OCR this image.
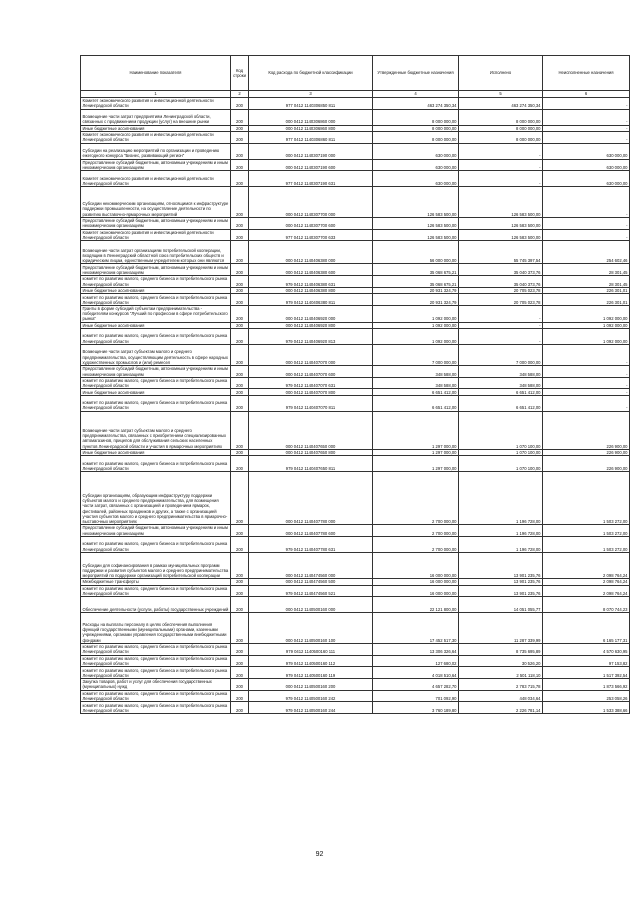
Наименование показателя	Код строки	Код расхода по бюджетной классификации	Утвержденные бюджетные назначения	Исполнено	Неисполненные назначения
1	2	3	4	5	6
Комитет экономического развития и инвестиционной деятельности Ленинградской области	200	977 0412 1140306850 811	463 274 350,34	463 274 350,34	-
Возмещение части затрат предприятиям Ленинградской области, связанных с продвижением продукции (услуг) на внешние рынки	200	000 0412 1140306860 000	8 000 000,00	8 000 000,00	-
Иные бюджетные ассигнования	200	000 0412 1140306860 800	8 000 000,00	8 000 000,00	-
Комитет экономического развития и инвестиционной деятельности Ленинградской области	200	977 0412 1140306860 811	8 000 000,00	8 000 000,00	-
Субсидии на реализацию мероприятий по организации и проведению ежегодного конкурса "Бизнес, развивающий регион"	200	000 0412 1140307190 000	630 000,00	-	630 000,00
Предоставление субсидий бюджетным, автономным учреждениям и иным некоммерческим организациям	200	000 0412 1140307190 600	630 000,00	-	630 000,00
Комитет экономического развития и инвестиционной деятельности Ленинградской области	200	977 0412 1140307190 631	630 000,00	-	630 000,00
Субсидии некоммерческим организациям, относящимся к инфраструктуре поддержки промышленности, на осуществление деятельности по развитию выставочно-ярмарочных мероприятий	200	000 0412 1140307700 000	126 583 500,00	126 583 500,00	-
Предоставление субсидий бюджетным, автономным учреждениям и иным некоммерческим организациям	200	000 0412 1140307700 600	126 583 500,00	126 583 500,00	-
Комитет экономического развития и инвестиционной деятельности Ленинградской области	200	977 0412 1140307700 633	126 583 500,00	126 583 500,00	-
Возмещение части затрат организациям потребительской кооперации, входящим в Ленинградский областной союз потребительских обществ и юридическим лицам, единственным учредителем которых они являются	200	000 0412 1140406380 000	56 000 000,00	55 745 397,54	254 602,46
Предоставление субсидий бюджетным, автономным учреждениям и иным некоммерческим организациям	200	000 0412 1140406380 600	35 068 675,21	35 040 373,76	28 301,45
комитет по развитию малого, среднего бизнеса и потребительского рынка Ленинградской области	200	979 0412 1140406380 631	35 068 675,21	35 040 373,76	28 301,45
Иные бюджетные ассигнования	200	000 0412 1140406380 800	20 931 324,79	20 705 023,78	226 301,01
комитет по развитию малого, среднего бизнеса и потребительского рынка Ленинградской области	200	979 0412 1140406380 811	20 931 324,79	20 705 023,78	226 301,01
Гранты в форме субсидий субъектам предпринимательства - победителям конкурсов "Лучший по профессии в сфере потребительского рынка"	200	000 0412 1140406920 000	1 092 000,00	-	1 092 000,00
Иные бюджетные ассигнования	200	000 0412 1140406920 800	1 092 000,00	-	1 092 000,00
комитет по развитию малого, среднего бизнеса и потребительского рынка Ленинградской области	200	979 0412 1140406920 813	1 092 000,00	-	1 092 000,00
Возмещение части затрат субъектам малого и среднего предпринимательства, осуществляющим деятельность в сфере народных художественных промыслов и (или) ремесел	200	000 0412 1140407070 000	7 000 000,00	7 000 000,00	-
Предоставление субсидий бюджетным, автономным учреждениям и иным некоммерческим организациям	200	000 0412 1140407070 600	348 588,00	348 588,00	-
комитет по развитию малого, среднего бизнеса и потребительского рынка Ленинградской области	200	979 0412 1140407070 631	348 588,00	348 588,00	-
Иные бюджетные ассигнования	200	000 0412 1140407070 800	6 651 412,00	6 651 412,00	-
комитет по развитию малого, среднего бизнеса и потребительского рынка Ленинградской области	200	979 0412 1140407070 811	6 651 412,00	6 651 412,00	-
Возмещение части затрат субъектам малого и среднего предпринимательства, связанных с приобретением специализированных автомагазинов, прицепов для обслуживания сельских населенных пунктов Ленинградской области и участия в ярмарочных мероприятиях	200	000 0412 1140407650 000	1 297 000,00	1 070 100,00	226 900,00
Иные бюджетные ассигнования	200	000 0412 1140407650 800	1 297 000,00	1 070 100,00	226 900,00
комитет по развитию малого, среднего бизнеса и потребительского рынка Ленинградской области	200	979 0412 1140407650 811	1 297 000,00	1 070 100,00	226 900,00
Субсидии организациям, образующим инфраструктуру поддержки субъектов малого и среднего предпринимательства, для возмещения части затрат, связанных с организацией и проведением ярмарок, фестивалей, районных праздников и других, а также с организацией участия субъектов малого и среднего предпринимательства в ярмарочно-выставочных мероприятиях	200	000 0412 1140407780 000	2 700 000,00	1 196 728,00	1 503 272,00
Предоставление субсидий бюджетным, автономным учреждениям и иным некоммерческим организациям	200	000 0412 1140407780 600	2 700 000,00	1 196 728,00	1 503 272,00
комитет по развитию малого, среднего бизнеса и потребительского рынка Ленинградской области	200	979 0412 1140407780 631	2 700 000,00	1 196 728,00	1 503 272,00
Субсидии для софинансирования в рамках муниципальных программ поддержки и развития субъектов малого и среднего предпринимательства мероприятий по поддержке организаций потребительской кооперации	200	000 0412 1140474560 000	16 000 000,00	13 901 235,76	2 098 764,24
Межбюджетные трансферты	200	000 0412 1140474560 500	16 000 000,00	13 901 235,76	2 098 764,24
комитет по развитию малого, среднего бизнеса и потребительского рынка Ленинградской области	200	979 0412 1140474560 521	16 000 000,00	13 901 235,76	2 098 764,24
Обеспечение деятельности (услуги, работы) государственных учреждений	200	000 0412 1140500160 000	22 121 800,00	14 051 055,77	8 070 744,23
Расходы на выплаты персоналу в целях обеспечения выполнения функций государственными (муниципальными) органами, казенными учреждениями, органами управления государственными внебюджетными фондами	200	000 0412 1140500160 100	17 452 517,30	11 287 339,99	6 165 177,31
комитет по развитию малого, среднего бизнеса и потребительского рынка Ленинградской области	200	979 0412 1140500160 111	13 306 326,64	8 735 695,89	4 570 630,95
комитет по развитию малого, среднего бизнеса и потребительского рынка Ленинградской области	200	979 0412 1140500160 112	127 680,02	30 526,20	97 153,82
комитет по развитию малого, среднего бизнеса и потребительского рынка Ленинградской области	200	979 0412 1140500160 119	4 018 510,64	2 501 118,10	1 517 392,54
Закупка товаров, работ и услуг для обеспечения государственных (муниципальных) нужд	200	000 0412 1140500160 200	4 657 282,70	2 783 715,78	1 873 566,92
комитет по развитию малого, среднего бизнеса и потребительского рынка Ленинградской области	200	979 0412 1140500160 242	701 092,90	448 034,64	253 058,26
комитет по развитию малого, среднего бизнеса и потребительского рынка Ленинградской области	200	979 0412 1140500160 244	3 760 189,80	2 226 781,14	1 533 388,66
92
